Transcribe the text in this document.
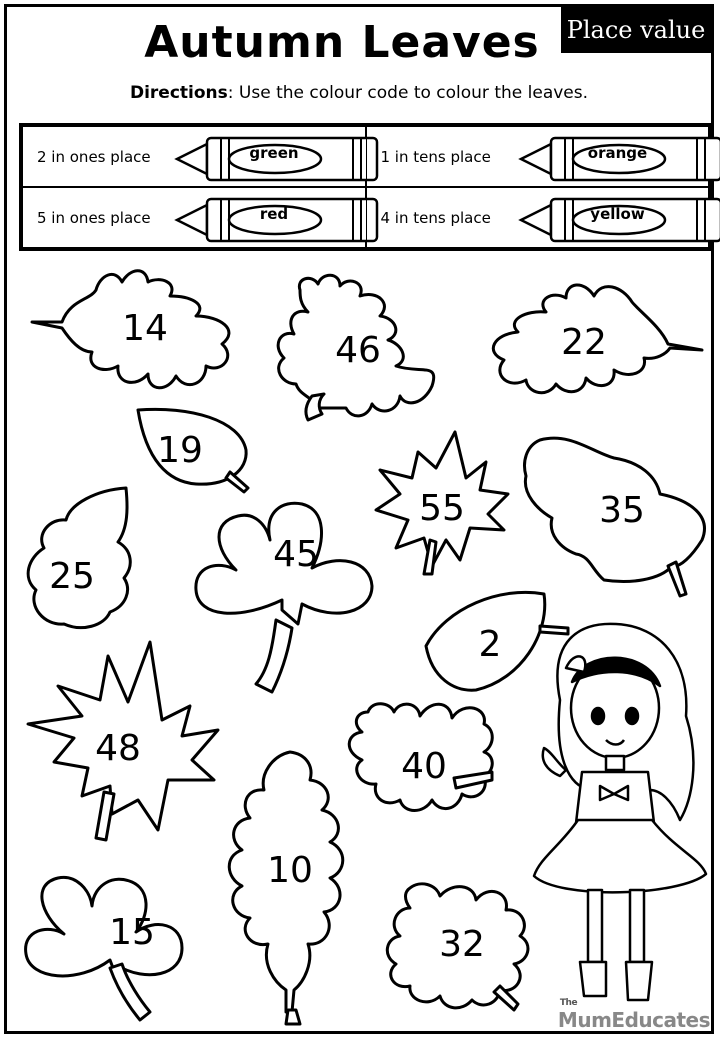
Autumn Leaves	Place value
Directions: Use the colour code to colour the leaves.
2 in ones place	green	1 in tens place	orange
5 in ones place	red	4 in tens place	yellow
14
46	22
19
55	35
25
45
2
48	40
10
15	32
The
MumEducates
